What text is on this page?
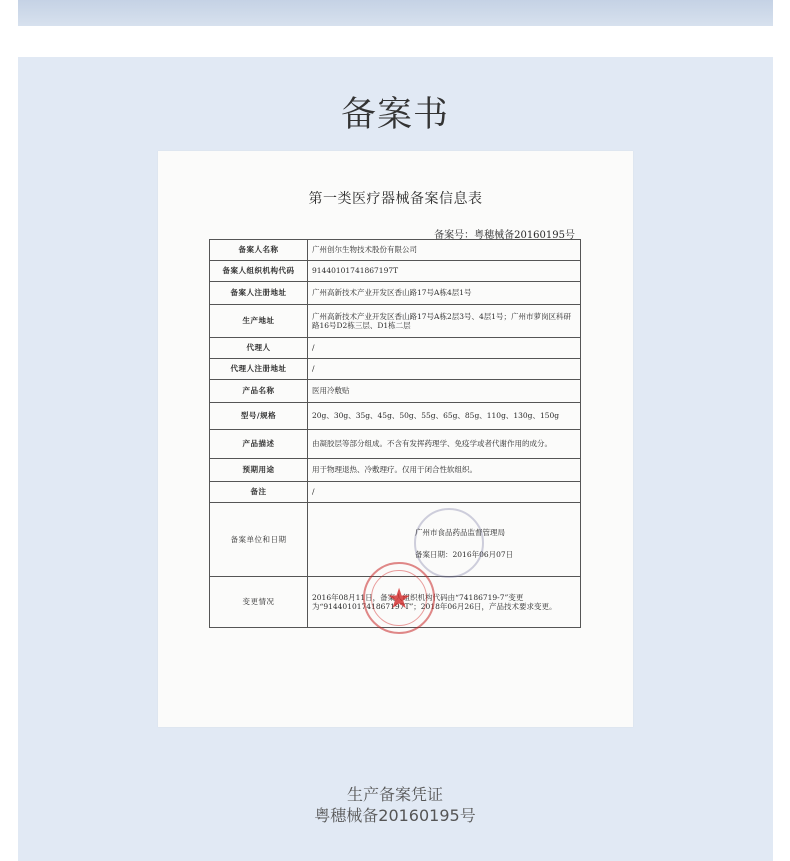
备案书
第一类医疗器械备案信息表
备案号：粤穗械备20160195号
备案人名称	广州创尔生物技术股份有限公司
备案人组织机构代码	91440101741867197T
备案人注册地址	广州高新技术产业开发区香山路17号A栋4层1号
生产地址	广州高新技术产业开发区香山路17号A栋2层3号、4层1号；广州市萝岗区科研路16号D2栋三层、D1栋二层
代理人	/
代理人注册地址	/
产品名称	医用冷敷贴
型号/规格	20g、30g、35g、45g、50g、55g、65g、85g、110g、130g、150g
产品描述	由凝胶层等部分组成。不含有发挥药理学、免疫学或者代谢作用的成分。
预期用途	用于物理退热、冷敷理疗。仅用于闭合性软组织。
备注	/
备案单位和日期	广州市食品药品监督管理局
备案日期：2016年06月07日

变更情况	2016年08月11日，备案人组织机构代码由“74186719-7”变更为“91440101741867197T”；2018年06月26日，产品技术要求变更。
★
生产备案凭证
粤穗械备20160195号
